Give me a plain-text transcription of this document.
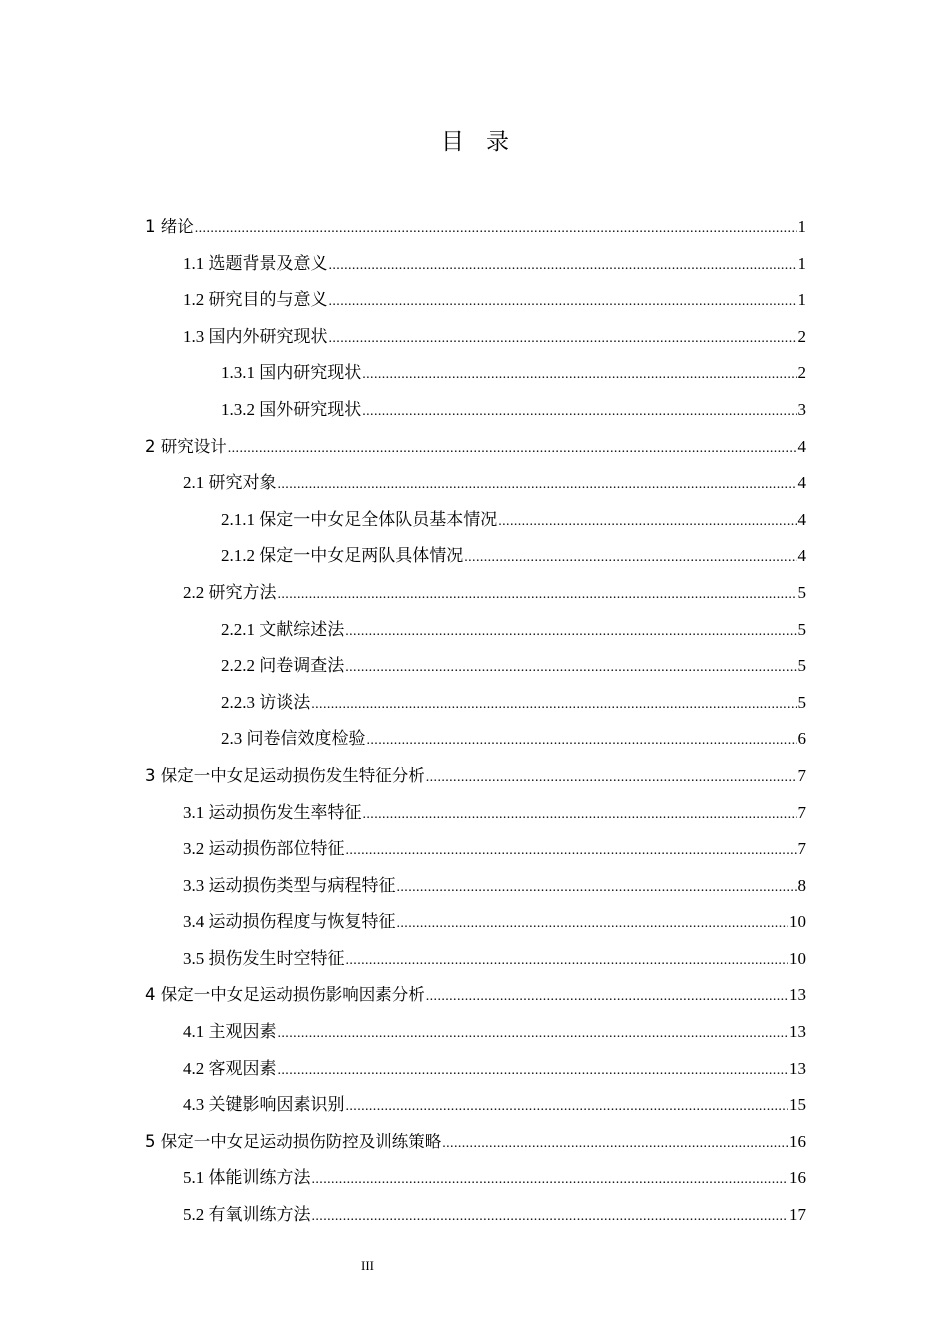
目录
1 绪论 .....	1
1.1 选题背景及意义 .....	1
1.2 研究目的与意义 .....	1
1.3 国内外研究现状 .....	2
1.3.1 国内研究现状 .....	2
1.3.2 国外研究现状 .....	3
2 研究设计 .....	4
2.1 研究对象 .....	4
2.1.1 保定一中女足全体队员基本情况 .....	4
2.1.2 保定一中女足两队具体情况 .....	4
2.2 研究方法 .....	5
2.2.1 文献综述法 .....	5
2.2.2 问卷调查法 .....	5
2.2.3 访谈法 .....	5
2.3 问卷信效度检验 .....	6
3 保定一中女足运动损伤发生特征分析 .....	7
3.1 运动损伤发生率特征 .....	7
3.2 运动损伤部位特征 .....	7
3.3 运动损伤类型与病程特征 .....	8
3.4 运动损伤程度与恢复特征 .....	10
3.5 损伤发生时空特征 .....	10
4 保定一中女足运动损伤影响因素分析 .....	13
4.1 主观因素 .....	13
4.2 客观因素 .....	13
4.3 关键影响因素识别 .....	15
5 保定一中女足运动损伤防控及训练策略 .....	16
5.1 体能训练方法 .....	16
5.2 有氧训练方法 .....	17
III
